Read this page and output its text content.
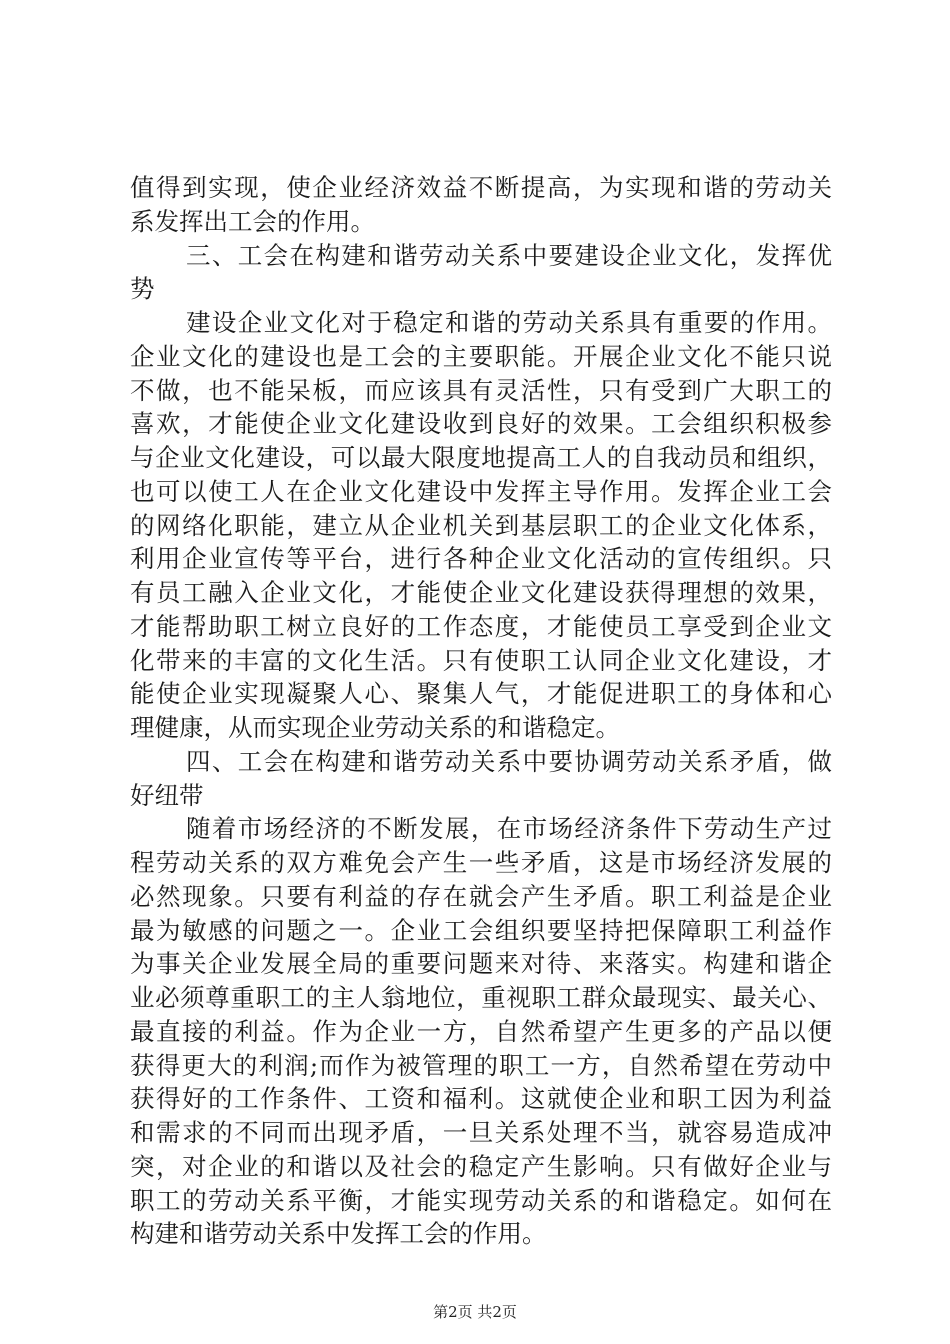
值得到实现，使企业经济效益不断提高，为实现和谐的劳动关
系发挥出工会的作用。
三、工会在构建和谐劳动关系中要建设企业文化，发挥优
势
建设企业文化对于稳定和谐的劳动关系具有重要的作用。
企业文化的建设也是工会的主要职能。开展企业文化不能只说
不做，也不能呆板，而应该具有灵活性，只有受到广大职工的
喜欢，才能使企业文化建设收到良好的效果。工会组织积极参
与企业文化建设，可以最大限度地提高工人的自我动员和组织，
也可以使工人在企业文化建设中发挥主导作用。发挥企业工会
的网络化职能，建立从企业机关到基层职工的企业文化体系，
利用企业宣传等平台，进行各种企业文化活动的宣传组织。只
有员工融入企业文化，才能使企业文化建设获得理想的效果，
才能帮助职工树立良好的工作态度，才能使员工享受到企业文
化带来的丰富的文化生活。只有使职工认同企业文化建设，才
能使企业实现凝聚人心、聚集人气，才能促进职工的身体和心
理健康，从而实现企业劳动关系的和谐稳定。
四、工会在构建和谐劳动关系中要协调劳动关系矛盾，做
好纽带
随着市场经济的不断发展，在市场经济条件下劳动生产过
程劳动关系的双方难免会产生一些矛盾，这是市场经济发展的
必然现象。只要有利益的存在就会产生矛盾。职工利益是企业
最为敏感的问题之一。企业工会组织要坚持把保障职工利益作
为事关企业发展全局的重要问题来对待、来落实。构建和谐企
业必须尊重职工的主人翁地位，重视职工群众最现实、最关心、
最直接的利益。作为企业一方，自然希望产生更多的产品以便
获得更大的利润;而作为被管理的职工一方，自然希望在劳动中
获得好的工作条件、工资和福利。这就使企业和职工因为利益
和需求的不同而出现矛盾，一旦关系处理不当，就容易造成冲
突，对企业的和谐以及社会的稳定产生影响。只有做好企业与
职工的劳动关系平衡，才能实现劳动关系的和谐稳定。如何在
构建和谐劳动关系中发挥工会的作用。
第2页 共2页
